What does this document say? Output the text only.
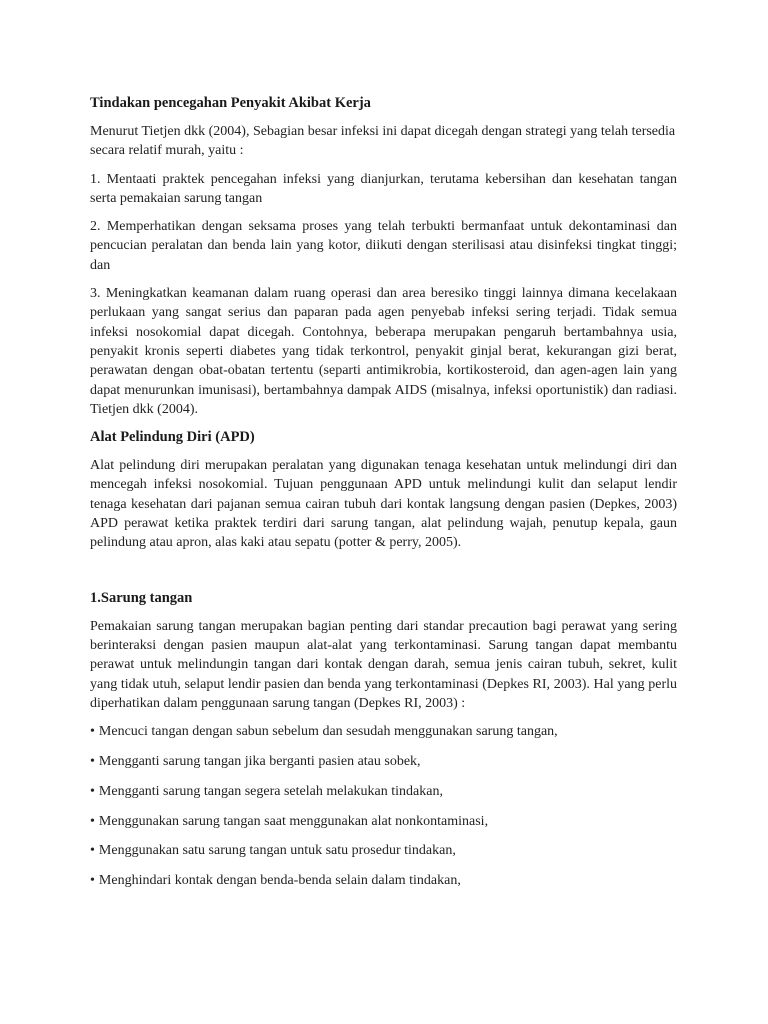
Tindakan pencegahan Penyakit Akibat Kerja

Menurut Tietjen dkk (2004), Sebagian besar infeksi ini dapat dicegah dengan strategi yang telah tersedia secara relatif murah, yaitu :

1. Mentaati praktek pencegahan infeksi yang dianjurkan, terutama kebersihan dan kesehatan tangan serta pemakaian sarung tangan

2. Memperhatikan dengan seksama proses yang telah terbukti bermanfaat untuk dekontaminasi dan pencucian peralatan dan benda lain yang kotor, diikuti dengan sterilisasi atau disinfeksi tingkat tinggi; dan

3. Meningkatkan keamanan dalam ruang operasi dan area beresiko tinggi lainnya dimana kecelakaan perlukaan yang sangat serius dan paparan pada agen penyebab infeksi sering terjadi. Tidak semua infeksi nosokomial dapat dicegah. Contohnya, beberapa merupakan pengaruh bertambahnya usia, penyakit kronis seperti diabetes yang tidak terkontrol, penyakit ginjal berat, kekurangan gizi berat, perawatan dengan obat-obatan tertentu (separti antimikrobia, kortikosteroid, dan agen-agen lain yang dapat menurunkan imunisasi), bertambahnya dampak AIDS (misalnya, infeksi oportunistik) dan radiasi. Tietjen dkk (2004).

Alat Pelindung Diri (APD)

Alat pelindung diri merupakan peralatan yang digunakan tenaga kesehatan untuk melindungi diri dan mencegah infeksi nosokomial. Tujuan penggunaan APD untuk melindungi kulit dan selaput lendir tenaga kesehatan dari pajanan semua cairan tubuh dari kontak langsung dengan pasien (Depkes, 2003) APD perawat ketika praktek terdiri dari sarung tangan, alat pelindung wajah, penutup kepala, gaun pelindung atau apron, alas kaki atau sepatu (potter & perry, 2005).

1.Sarung tangan

Pemakaian sarung tangan merupakan bagian penting dari standar precaution bagi perawat yang sering berinteraksi dengan pasien maupun alat-alat yang terkontaminasi. Sarung tangan dapat membantu perawat untuk melindungin tangan dari kontak dengan darah, semua jenis cairan tubuh, sekret, kulit yang tidak utuh, selaput lendir pasien dan benda yang terkontaminasi (Depkes RI, 2003). Hal yang perlu diperhatikan dalam penggunaan sarung tangan (Depkes RI, 2003) :

• Mencuci tangan dengan sabun sebelum dan sesudah menggunakan sarung tangan,
• Mengganti sarung tangan jika berganti pasien atau sobek,
• Mengganti sarung tangan segera setelah melakukan tindakan,
• Menggunakan sarung tangan saat menggunakan alat nonkontaminasi,
• Menggunakan satu sarung tangan untuk satu prosedur tindakan,
• Menghindari kontak dengan benda-benda selain dalam tindakan,
